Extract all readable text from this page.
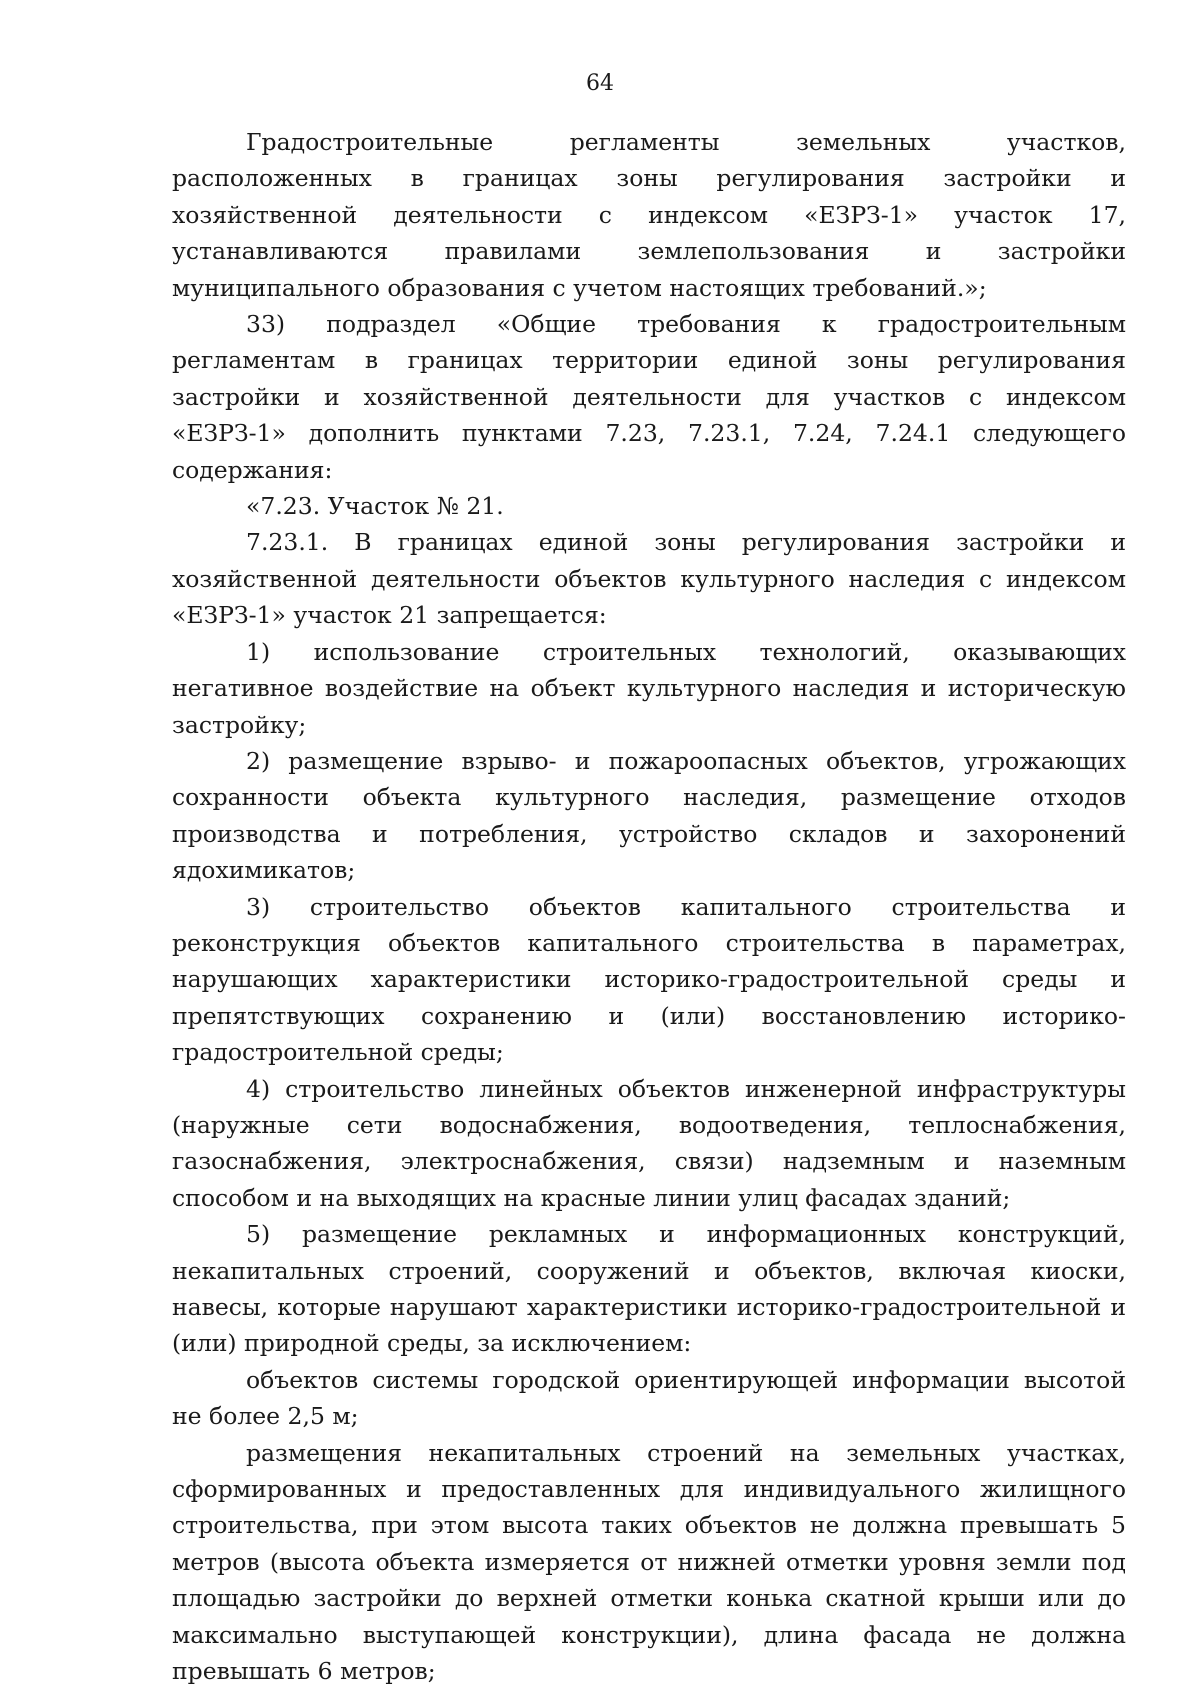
64

Градостроительные регламенты земельных участков, расположенных в границах зоны регулирования застройки и хозяйственной деятельности с индексом «ЕЗРЗ-1» участок 17, устанавливаются правилами землепользования и застройки муниципального образования с учетом настоящих требований.»;

33) подраздел «Общие требования к градостроительным регламентам в границах территории единой зоны регулирования застройки и хозяйственной деятельности для участков с индексом «ЕЗРЗ-1» дополнить пунктами 7.23, 7.23.1, 7.24, 7.24.1 следующего содержания:

«7.23. Участок № 21.

7.23.1. В границах единой зоны регулирования застройки и хозяйственной деятельности объектов культурного наследия с индексом «ЕЗРЗ-1» участок 21 запрещается:

1) использование строительных технологий, оказывающих негативное воздействие на объект культурного наследия и историческую застройку;

2) размещение взрыво- и пожароопасных объектов, угрожающих сохранности объекта культурного наследия, размещение отходов производства и потребления, устройство складов и захоронений ядохимикатов;

3) строительство объектов капитального строительства и реконструкция объектов капитального строительства в параметрах, нарушающих характеристики историко-градостроительной среды и препятствующих сохранению и (или) восстановлению историко-градостроительной среды;

4) строительство линейных объектов инженерной инфраструктуры (наружные сети водоснабжения, водоотведения, теплоснабжения, газоснабжения, электроснабжения, связи) надземным и наземным способом и на выходящих на красные линии улиц фасадах зданий;

5) размещение рекламных и информационных конструкций, некапитальных строений, сооружений и объектов, включая киоски, навесы, которые нарушают характеристики историко-градостроительной и (или) природной среды, за исключением:

объектов системы городской ориентирующей информации высотой не более 2,5 м;

размещения некапитальных строений на земельных участках, сформированных и предоставленных для индивидуального жилищного строительства, при этом высота таких объектов не должна превышать 5 метров (высота объекта измеряется от нижней отметки уровня земли под площадью застройки до верхней отметки конька скатной крыши или до максимально выступающей конструкции), длина фасада не должна превышать 6 метров;
